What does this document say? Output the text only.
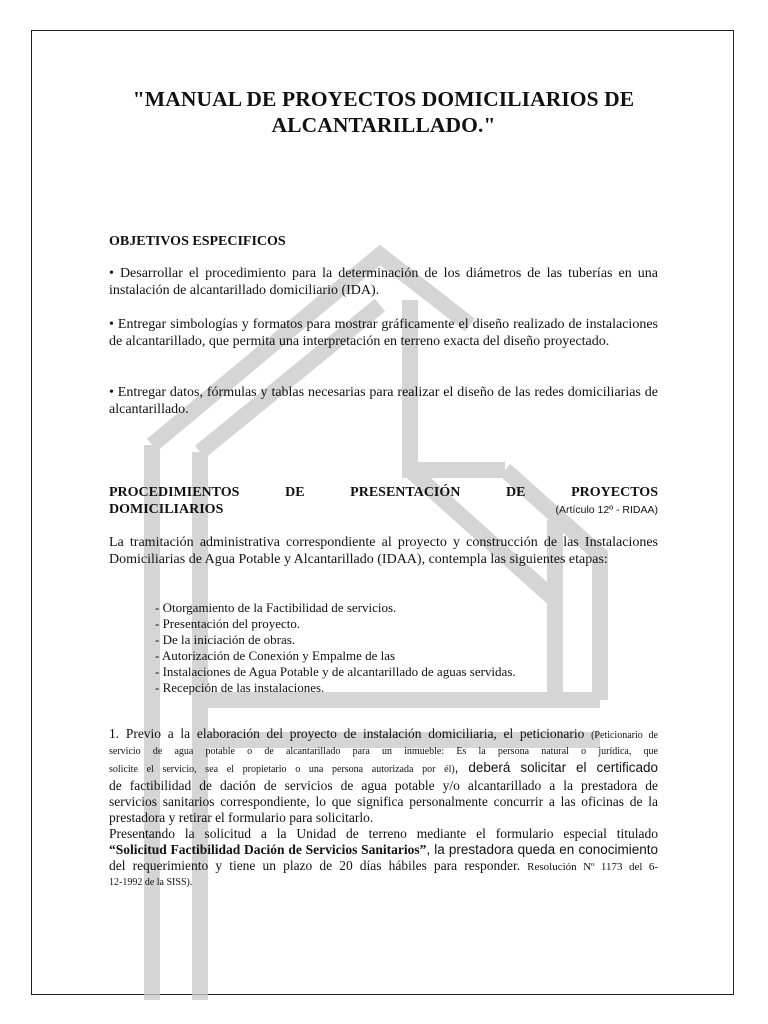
"MANUAL DE PROYECTOS DOMICILIARIOS DE
ALCANTARILLADO."
OBJETIVOS ESPECIFICOS
• Desarrollar el procedimiento para la determinación de los diámetros de las tuberías en una instalación de alcantarillado domiciliario (IDA).
• Entregar simbologías y formatos para mostrar gráficamente el diseño realizado de instalaciones de alcantarillado, que permita una interpretación en terreno exacta del diseño proyectado.
• Entregar datos, fórmulas y tablas necesarias para realizar el diseño de las redes domiciliarias de alcantarillado.
PROCEDIMIENTOS	DE	PRESENTACIÓN	DE	PROYECTOS
DOMICILIARIOS	(Artículo 12º - RIDAA)
La tramitación administrativa correspondiente al proyecto y construcción de las Instalaciones Domiciliarias de Agua Potable y Alcantarillado (IDAA), contempla las siguientes etapas:
- Otorgamiento de la Factibilidad de servicios.
- Presentación del proyecto.
- De la iniciación de obras.
- Autorización de Conexión y Empalme de las
- Instalaciones de Agua Potable y de alcantarillado de aguas servidas.
- Recepción de las instalaciones.
1. Previo a la elaboración del proyecto de instalación domiciliaria, el peticionario (Peticionario de
servicio de agua potable o de alcantarillado para un inmueble: Es la persona natural o jurídica, que
solicite el servicio, sea el propietario o una persona autorizada por él), deberá solicitar el certificado
de factibilidad de dación de servicios de agua potable y/o alcantarillado a la prestadora de
servicios sanitarios correspondiente, lo que significa personalmente concurrir a las oficinas de la
prestadora y retirar el formulario para solicitarlo.
Presentando la solicitud a la Unidad de terreno mediante el formulario especial titulado
“Solicitud Factibilidad Dación de Servicios Sanitarios”, la prestadora queda en conocimiento
del requerimiento y tiene un plazo de 20 días hábiles para responder. Resolución Nº 1173 del 6-
12-1992 de la SISS).
